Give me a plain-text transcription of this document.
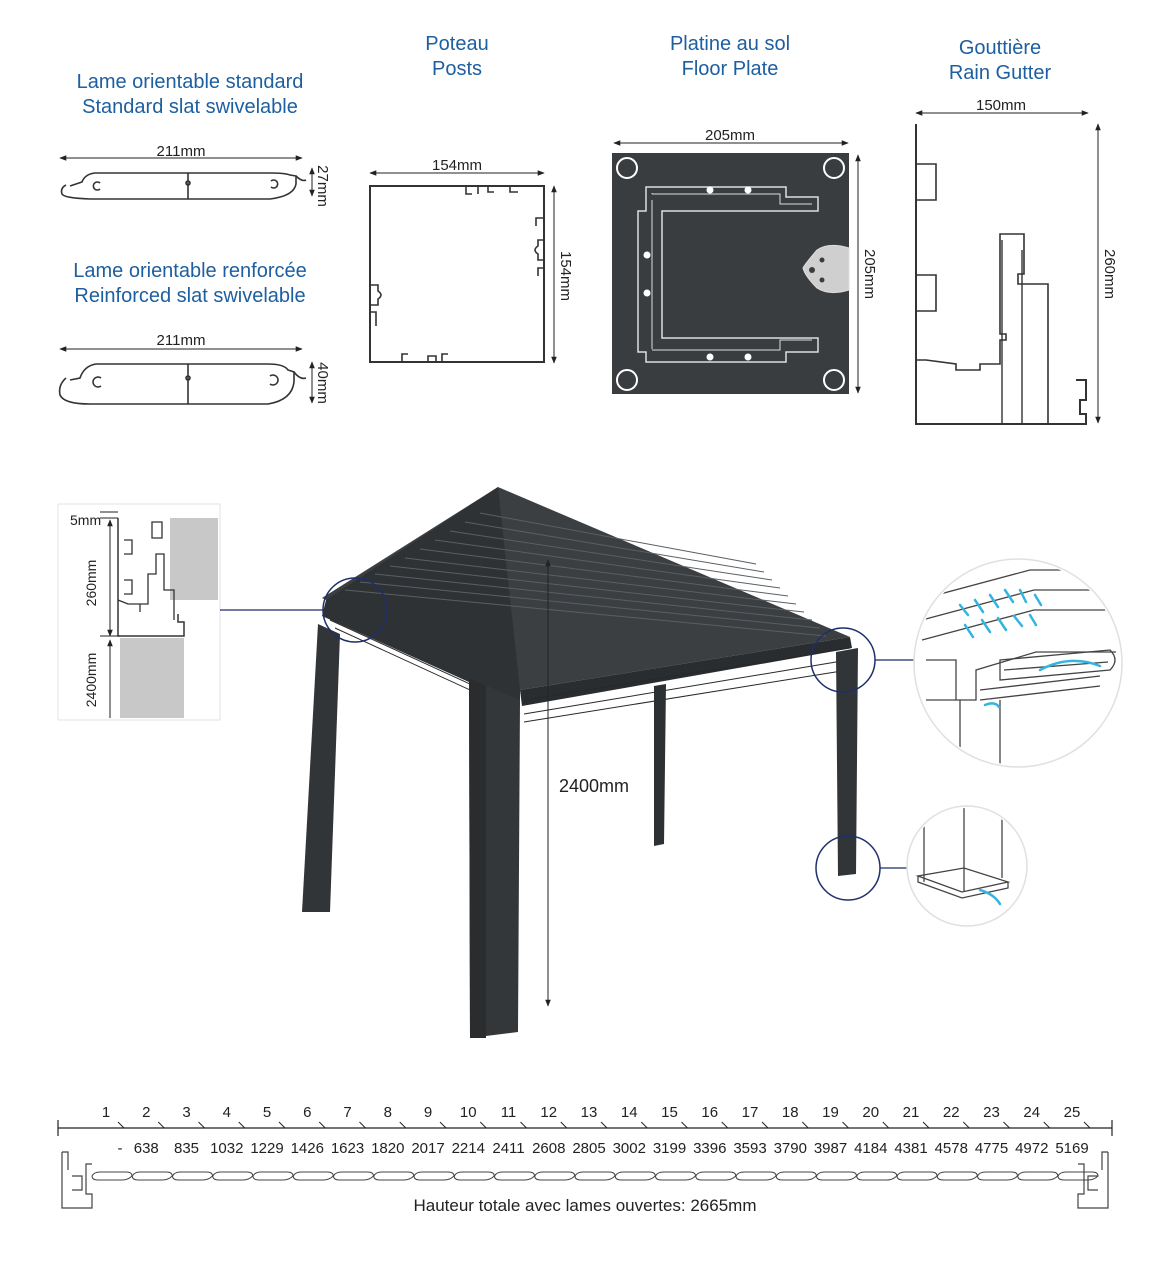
Lame orientable standard
Standard slat swivelable
Lame orientable renforcée
Reinforced slat swivelable
Poteau
Posts
Platine au sol
Floor Plate
Gouttière
Rain Gutter
211mm
27mm
211mm
40mm
154mm
154mm
205mm
205mm
150mm
260mm
5mm
260mm
2400mm
2400mm
1 2 3 4 5 6 7 8 9 10 11 12 13 14 15 16 17 18 19 20 21 22 23 24 25
- 638 835 1032 1229 1426 1623 1820 2017 2214 2411 2608 2805 3002 3199 3396 3593 3790 3987 4184 4381 4578 4775 4972 5169
Hauteur totale avec lames ouvertes: 2665mm
